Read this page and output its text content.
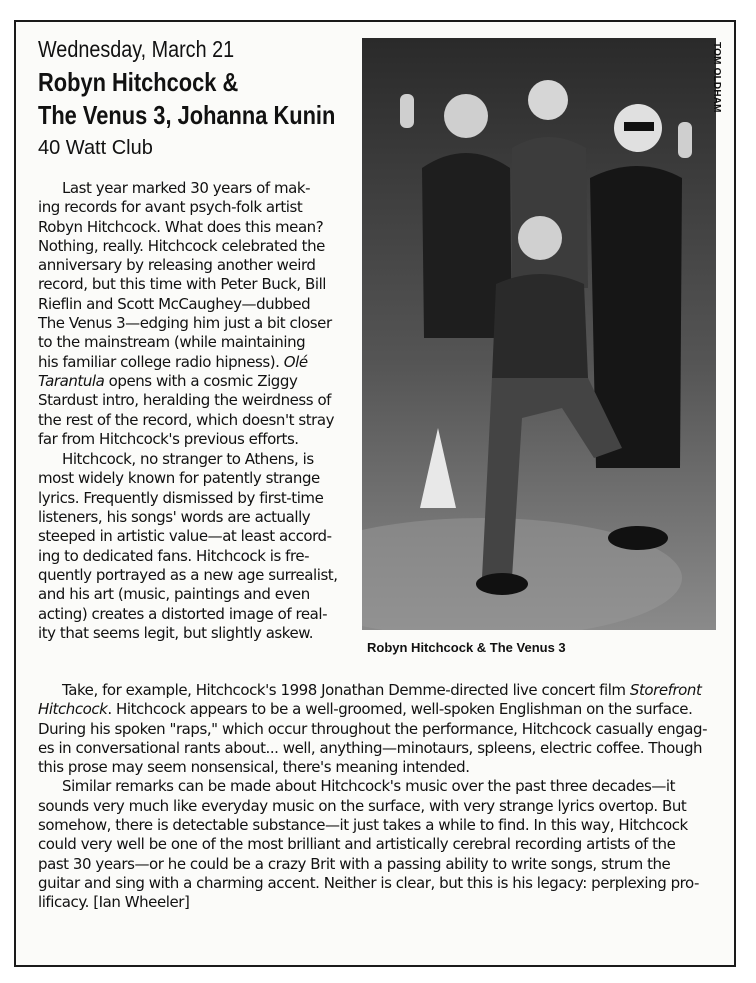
Wednesday, March 21
Robyn Hitchcock &
The Venus 3, Johanna Kunin
40 Watt Club

Last year marked 30 years of mak-
ing records for avant psych-folk artist
Robyn Hitchcock. What does this mean?
Nothing, really. Hitchcock celebrated the
anniversary by releasing another weird
record, but this time with Peter Buck, Bill
Rieflin and Scott McCaughey—dubbed
The Venus 3—edging him just a bit closer
to the mainstream (while maintaining
his familiar college radio hipness). Olé
Tarantula opens with a cosmic Ziggy
Stardust intro, heralding the weirdness of
the rest of the record, which doesn't stray
far from Hitchcock's previous efforts.

Hitchcock, no stranger to Athens, is
most widely known for patently strange
lyrics. Frequently dismissed by first-time
listeners, his songs' words are actually
steeped in artistic value—at least accord-
ing to dedicated fans. Hitchcock is fre-
quently portrayed as a new age surrealist,
and his art (music, paintings and even
acting) creates a distorted image of real-
ity that seems legit, but slightly askew.

TOM OLDHAM
Robyn Hitchcock & The Venus 3

Take, for example, Hitchcock's 1998 Jonathan Demme-directed live concert film Storefront
Hitchcock. Hitchcock appears to be a well-groomed, well-spoken Englishman on the surface.
During his spoken "raps," which occur throughout the performance, Hitchcock casually engag-
es in conversational rants about... well, anything—minotaurs, spleens, electric coffee. Though
this prose may seem nonsensical, there's meaning intended.

Similar remarks can be made about Hitchcock's music over the past three decades—it
sounds very much like everyday music on the surface, with very strange lyrics overtop. But
somehow, there is detectable substance—it just takes a while to find. In this way, Hitchcock
could very well be one of the most brilliant and artistically cerebral recording artists of the
past 30 years—or he could be a crazy Brit with a passing ability to write songs, strum the
guitar and sing with a charming accent. Neither is clear, but this is his legacy: perplexing pro-
lificacy. [Ian Wheeler]
